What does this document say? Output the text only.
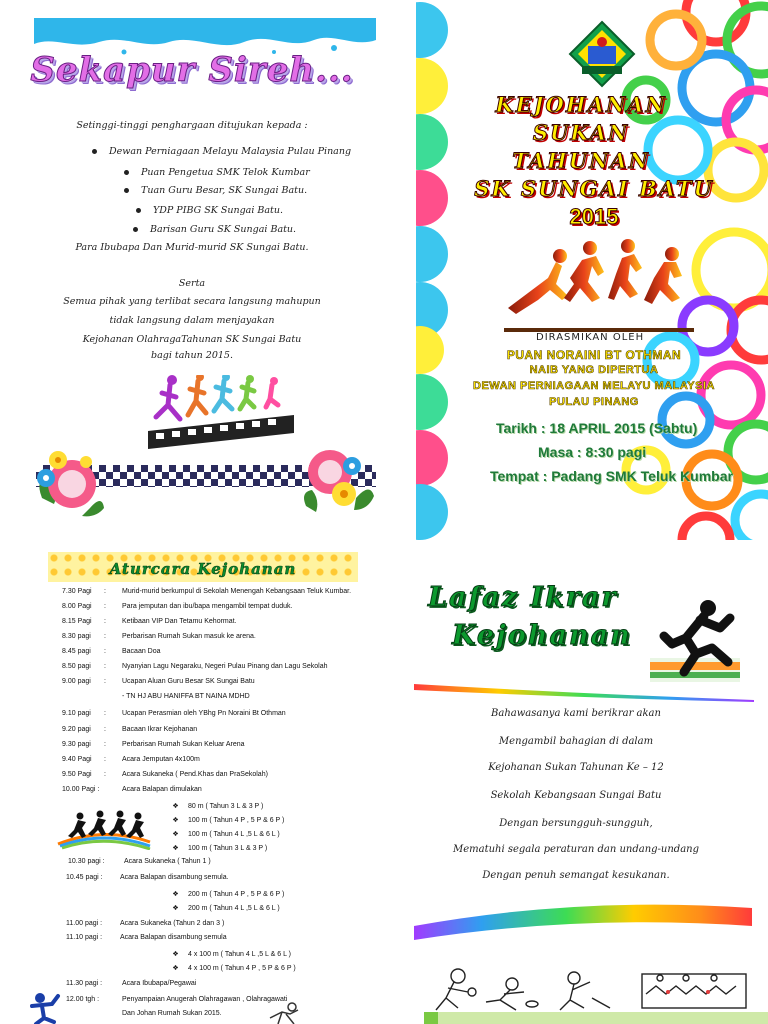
Sekapur Sireh...
Setinggi-tinggi penghargaan ditujukan kepada :
Dewan Perniagaan Melayu Malaysia Pulau Pinang
Puan Pengetua SMK Telok Kumbar
Tuan Guru Besar, SK Sungai Batu.
YDP PIBG SK Sungai Batu.
Barisan Guru SK Sungai Batu.
Para Ibubapa Dan Murid-murid SK Sungai Batu.
Serta
Semua pihak yang terlibat secara langsung mahupun
tidak langsung dalam menjayakan
Kejohanan OlahragaTahunan SK Sungai Batu
bagi tahun 2015.
KEJOHANAN
SUKAN
TAHUNAN
SK SUNGAI BATU
2015
DIRASMIKAN OLEH
PUAN NORAINI BT OTHMAN
NAIB YANG DIPERTUA
DEWAN PERNIAGAAN MELAYU MALAYSIA
PULAU PINANG
Tarikh : 18 APRIL 2015 (Sabtu)
Masa : 8:30 pagi
Tempat : Padang SMK Teluk Kumbar
Aturcara Kejohanan
7.30 Pagi : Murid-murid berkumpul di Sekolah Menengah Kebangsaan Teluk Kumbar.
8.00 Pagi : Para jemputan dan ibu/bapa mengambil tempat duduk.
8.15 Pagi : Ketibaan VIP Dan Tetamu Kehormat.
8.30 pagi : Perbarisan Rumah Sukan masuk ke arena.
8.45 pagi : Bacaan Doa
8.50 pagi : Nyanyian Lagu Negaraku, Negeri Pulau Pinang dan Lagu Sekolah
9.00 pagi : Ucapan Aluan Guru Besar SK Sungai Batu
- TN HJ ABU HANIFFA BT NAINA MDHD
9.10 pagi : Ucapan Perasmian oleh YBhg Pn Noraini Bt Othman
9.20 pagi : Bacaan Ikrar Kejohanan
9.30 pagi : Perbarisan Rumah Sukan Keluar Arena
9.40 Pagi : Acara Jemputan 4x100m
9.50 Pagi : Acara Sukaneka ( Pend.Khas dan PraSekolah)
10.00 Pagi :	Acara Balapan dimulakan
❖ 80 m ( Tahun 3 L & 3 P )
❖ 100 m ( Tahun 4 P , 5 P & 6 P )
❖ 100 m ( Tahun 4 L ,5 L & 6 L )
❖ 100 m ( Tahun 3 L & 3 P )
10.30 pagi :	Acara Sukaneka ( Tahun 1 )
10.45 pagi : Acara Balapan disambung semula.
❖ 200 m ( Tahun 4 P , 5 P & 6 P )
❖ 200 m ( Tahun 4 L ,5 L & 6 L )
11.00 pagi :	Acara Sukaneka (Tahun 2 dan 3 )
11.10 pagi :	Acara Balapan disambung semula
❖ 4 x 100 m ( Tahun 4 L ,5 L & 6 L )
❖ 4 x 100 m ( Tahun 4 P , 5 P & 6 P )
11.30 pagi :	Acara Ibubapa/Pegawai
12.00 tgh :	Penyampaian Anugerah Olahragawan , Olahragawati
Dan Johan Rumah Sukan 2015.
Lafaz Ikrar
Kejohanan
Bahawasanya kami berikrar akan
Mengambil bahagian di dalam
Kejohanan Sukan Tahunan Ke – 12
Sekolah Kebangsaan Sungai Batu
Dengan bersungguh-sungguh,
Mematuhi segala peraturan dan undang-undang
Dengan penuh semangat kesukanan.
